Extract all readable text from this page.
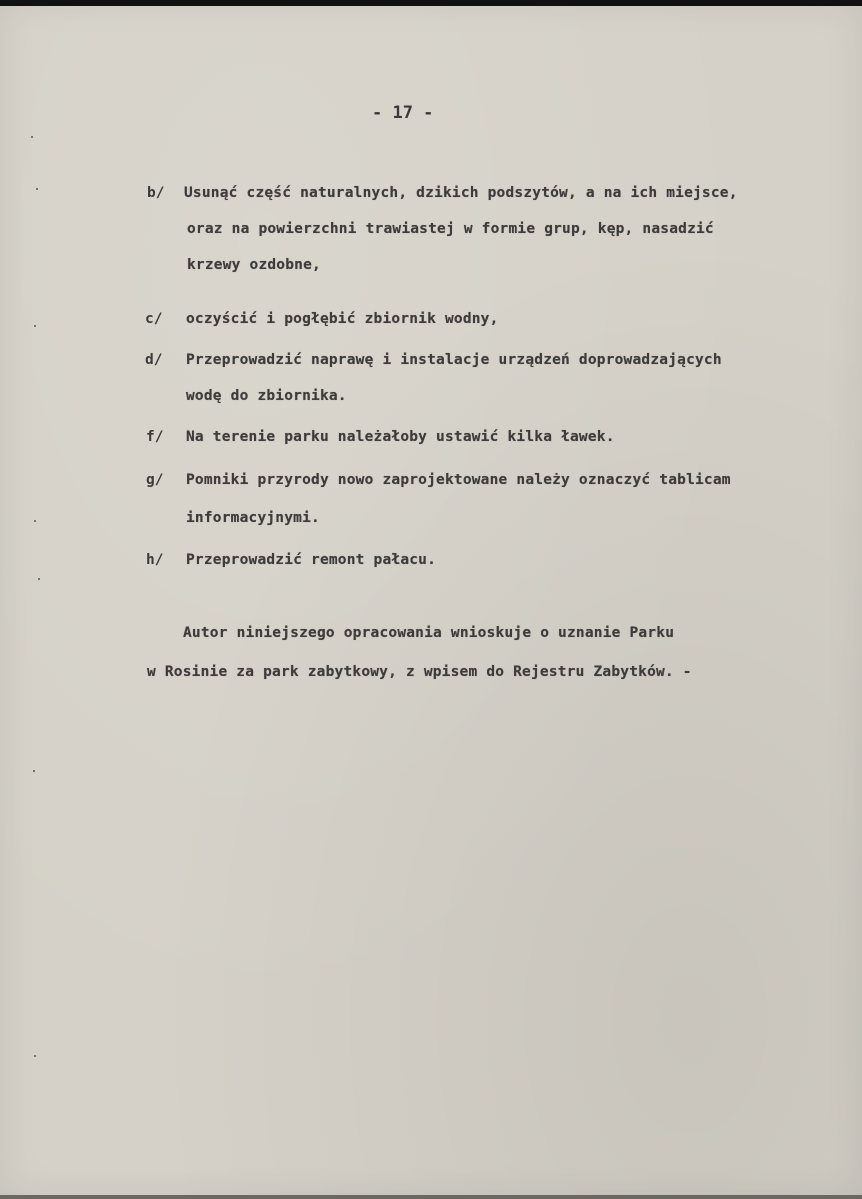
- 17 -
b/ Usunąć część naturalnych, dzikich podszytów, a na ich miejsce,
oraz na powierzchni trawiastej w formie grup, kęp, nasadzić
krzewy ozdobne,
c/ oczyścić i pogłębić zbiornik wodny,
d/ Przeprowadzić naprawę i instalacje urządzeń doprowadzających
wodę do zbiornika.
f/ Na terenie parku należałoby ustawić kilka ławek.
g/ Pomniki przyrody nowo zaprojektowane należy oznaczyć tablicam
informacyjnymi.
h/ Przeprowadzić remont pałacu.
Autor niniejszego opracowania wnioskuje o uznanie Parku
w Rosinie za park zabytkowy, z wpisem do Rejestru Zabytków. -
